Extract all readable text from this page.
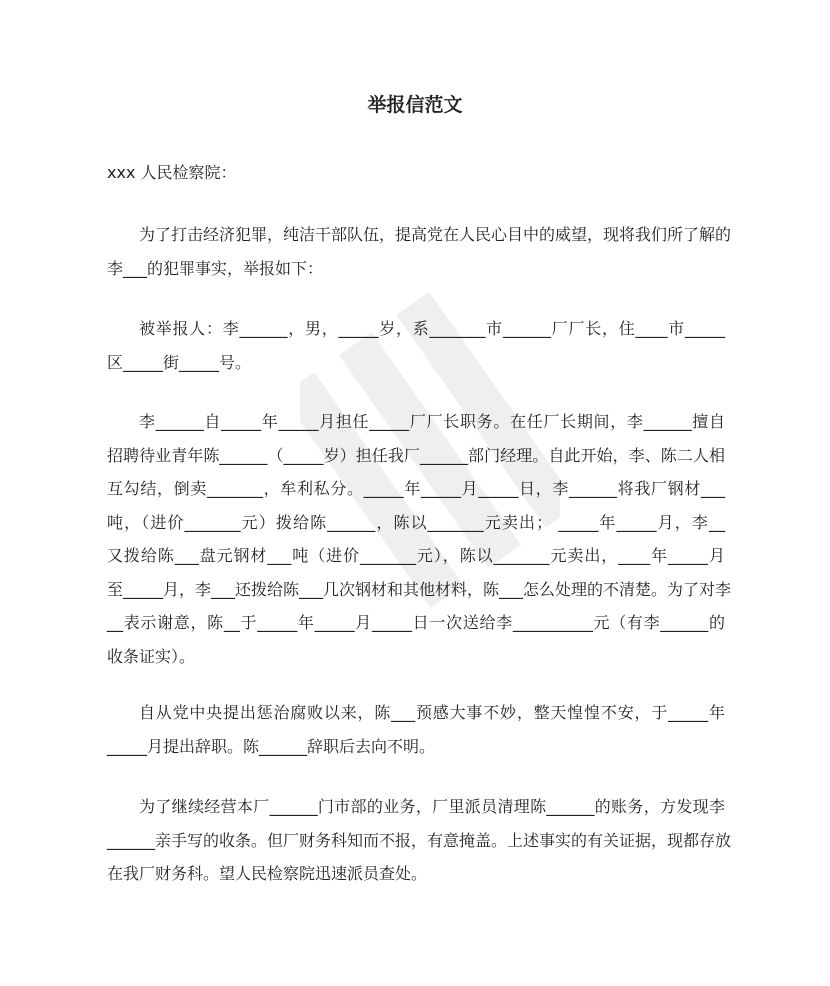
举报信范文
xxx 人民检察院：
为了打击经济犯罪，纯洁干部队伍，提高党在人民心目中的威望，现将我们所了解的
李___的犯罪事实，举报如下：
被举报人：李______，男，_____岁，系_______市______厂厂长，住____市_____
区_____街_____号。
李______自_____年_____月担任_____厂厂长职务。在任厂长期间，李______擅自
招聘待业青年陈______（_____岁）担任我厂______部门经理。自此开始，李、陈二人相
互勾结，倒卖_______，牟利私分。_____年_____月_____日，李______将我厂钢材___
吨，（进价_______元）拨给陈______，陈以_______元卖出； _____年_____月，李__
又拨给陈___盘元钢材___吨（进价_______元），陈以_______元卖出，____年_____月
至_____月，李___还拨给陈___几次钢材和其他材料，陈___怎么处理的不清楚。为了对李
__表示谢意，陈__于_____年_____月_____日一次送给李__________元（有李______的
收条证实）。
自从党中央提出惩治腐败以来，陈___预感大事不妙，整天惶惶不安，于_____年
_____月提出辞职。陈______辞职后去向不明。
为了继续经营本厂______门市部的业务，厂里派员清理陈______的账务，方发现李
______亲手写的收条。但厂财务科知而不报，有意掩盖。上述事实的有关证据，现都存放
在我厂财务科。望人民检察院迅速派员查处。
